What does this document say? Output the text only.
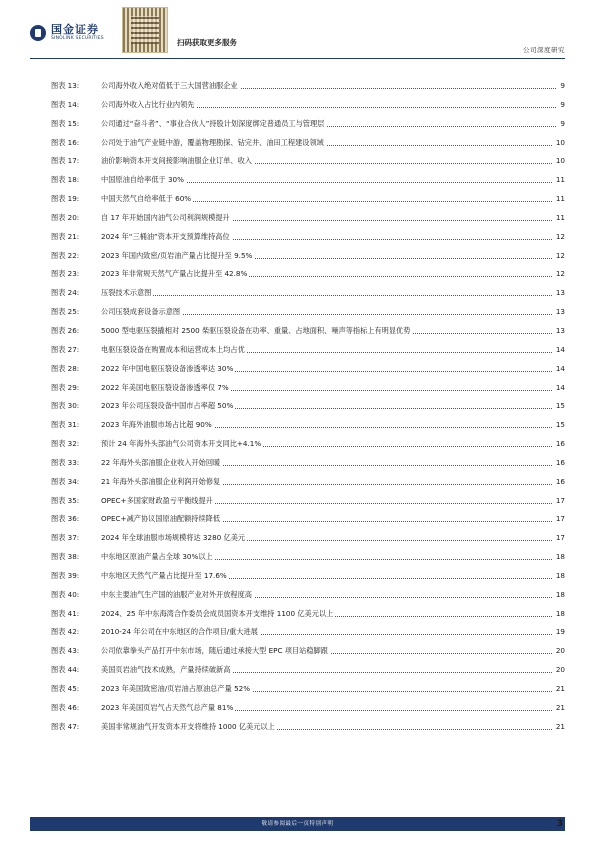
国金证券
SINOLINK SECURITIES	扫码获取更多服务
公司深度研究
图表 13:	公司海外收入绝对值低于三大国营油服企业	9
图表 14:	公司海外收入占比行业内领先	9
图表 15:	公司通过“奋斗者”、“事业合伙人”持股计划深度绑定普通员工与管理层	9
图表 16:	公司处于油气产业链中游，覆盖物理勘探、钻完井、油田工程建设领域	10
图表 17:	油价影响资本开支间接影响油服企业订单、收入	10
图表 18:	中国原油自给率低于 30%	11
图表 19:	中国天然气自给率低于 60%	11
图表 20:	自 17 年开始国内油气公司利润规模提升	11
图表 21:	2024 年“三桶油”资本开支预算维持高位	12
图表 22:	2023 年国内致密/页岩油产量占比提升至 9.5%	12
图表 23:	2023 年非常规天然气产量占比提升至 42.8%	12
图表 24:	压裂技术示意图	13
图表 25:	公司压裂成套设备示意图	13
图表 26:	5000 型电驱压裂撬相对 2500 柴驱压裂设备在功率、重量、占地面积、噪声等指标上有明显优势	13
图表 27:	电驱压裂设备在购置成本和运营成本上均占优	14
图表 28:	2022 年中国电驱压裂设备渗透率达 30%	14
图表 29:	2022 年美国电驱压裂设备渗透率仅 7%	14
图表 30:	2023 年公司压裂设备中国市占率超 50%	15
图表 31:	2023 年海外油服市场占比超 90%	15
图表 32:	预计 24 年海外头部油气公司资本开支同比+4.1%	16
图表 33:	22 年海外头部油服企业收入开始回暖	16
图表 34:	21 年海外头部油服企业利润开始修复	16
图表 35:	OPEC+多国家财政盈亏平衡线提升	17
图表 36:	OPEC+减产协议国原油配额持续降低	17
图表 37:	2024 年全球油服市场规模将达 3280 亿美元	17
图表 38:	中东地区原油产量占全球 30%以上	18
图表 39:	中东地区天然气产量占比提升至 17.6%	18
图表 40:	中东主要油气生产国的油服产业对外开放程度高	18
图表 41:	2024、25 年中东海湾合作委员会成员国资本开支维持 1100 亿美元以上	18
图表 42:	2010-24 年公司在中东地区的合作项目/重大进展	19
图表 43:	公司依靠拳头产品打开中东市场，随后通过承接大型 EPC 项目站稳脚跟	20
图表 44:	美国页岩油气技术成熟，产量持续破新高	20
图表 45:	2023 年美国致密油/页岩油占原油总产量 52%	21
图表 46:	2023 年美国页岩气占天然气总产量 81%	21
图表 47:	美国非常规油气开发资本开支将维持 1000 亿美元以上	21
敬请参阅最后一页特别声明	3
